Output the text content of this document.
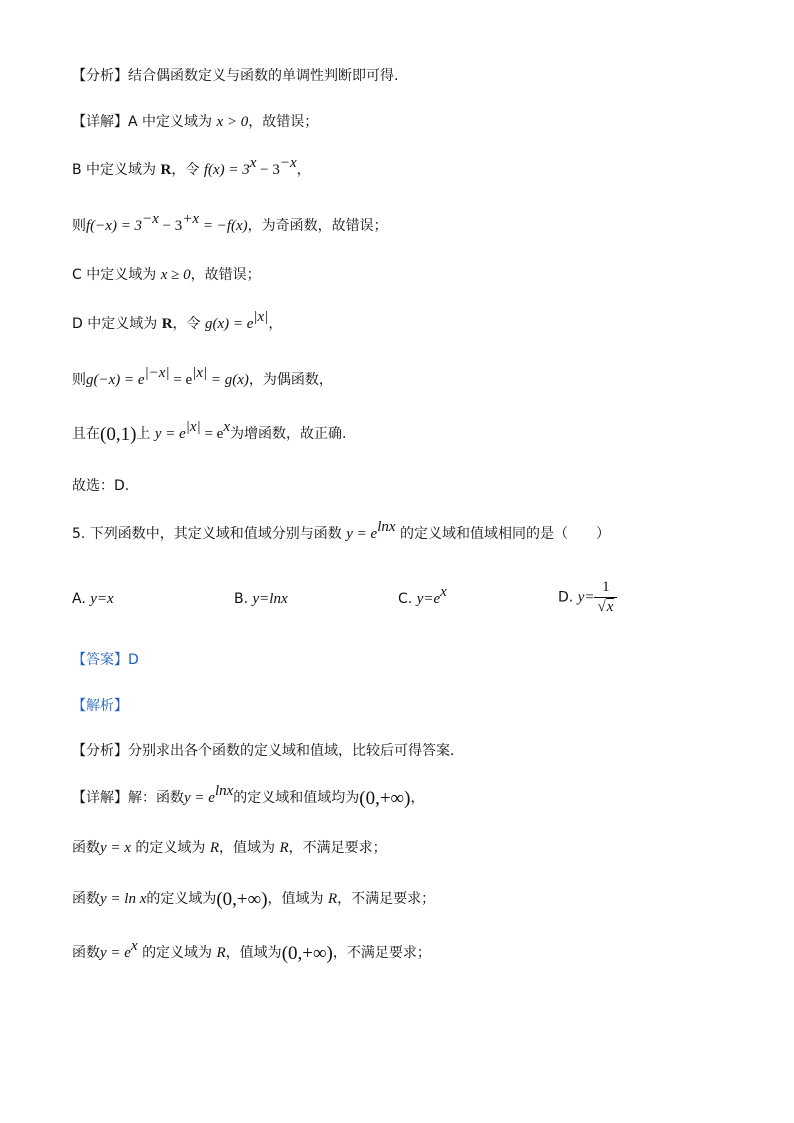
【分析】结合偶函数定义与函数的单调性判断即可得.
【详解】A 中定义域为 x > 0，故错误；
B 中定义域为 R，令 $f(x) = 3^x - 3^{-x}$，
则$f(-x) = 3^{-x} - 3^{+x} = -f(x)$，为奇函数，故错误；
C 中定义域为 x ≥ 0，故错误；
D 中定义域为 R，令 $g(x) = e^{|x|}$，
则$g(-x) = e^{|-x|} = e^{|x|} = g(x)$，为偶函数，
且在(0,1)上 $y = e^{|x|} = e^x$为增函数，故正确.
故选：D.
5. 下列函数中，其定义域和值域分别与函数 $y = e^{lnx}$ 的定义域和值域相同的是（　　）
A. y=x	B. y=lnx	C. $y=e^x$	D. $y= \frac{1}{√x}$
【答案】D
【解析】
【分析】分别求出各个函数的定义域和值域，比较后可得答案．
【详解】解：函数$y = e^{lnx}$的定义域和值域均为(0,+∞)，
函数y = x 的定义域为 R，值域为 R，不满足要求；
函数y = ln x的定义域为(0,+∞)，值域为 R，不满足要求；
函数$y = e^x$ 的定义域为 R，值域为(0,+∞)，不满足要求；
